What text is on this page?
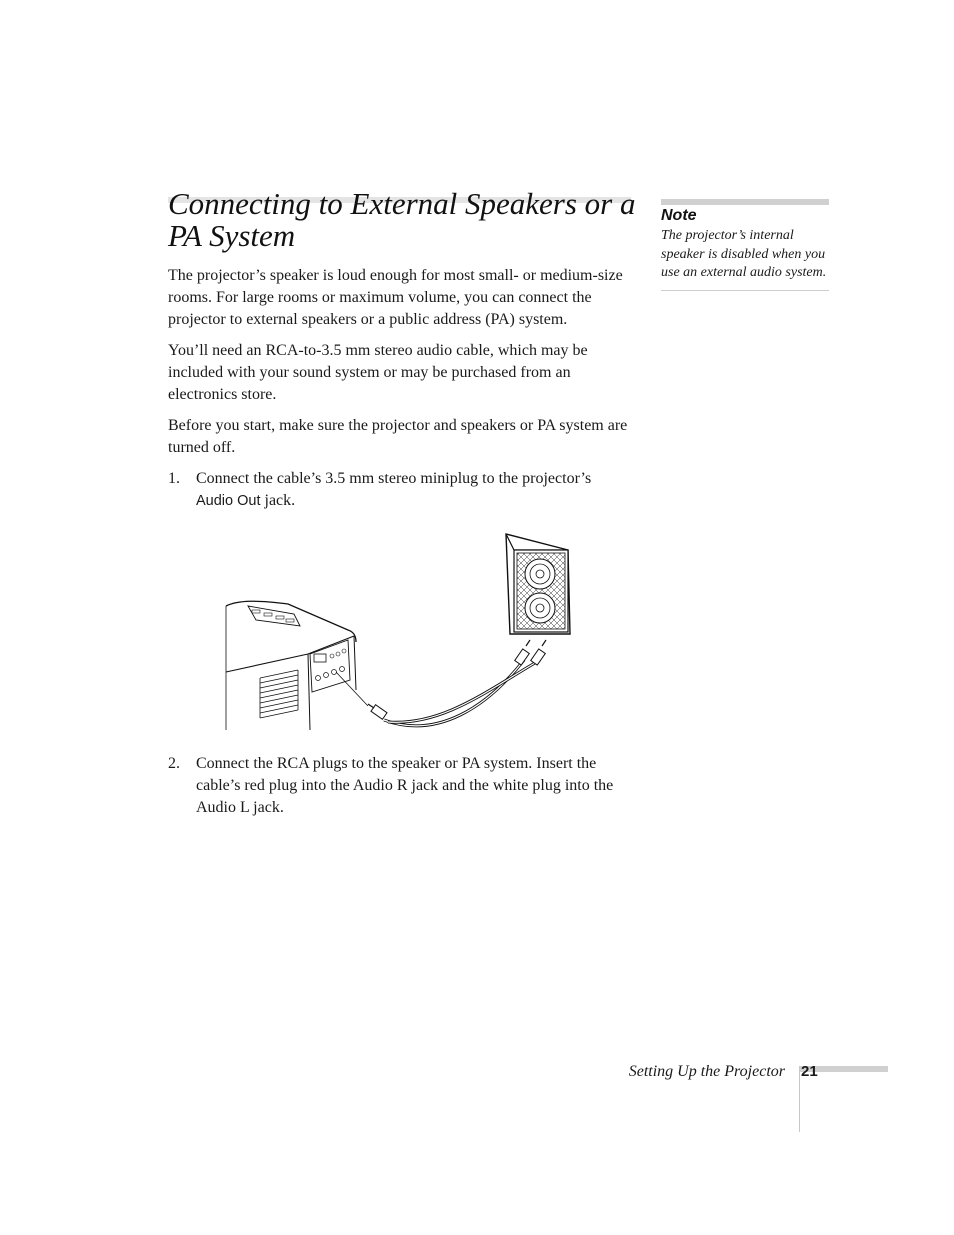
Connecting to External Speakers or a PA System

The projector’s speaker is loud enough for most small- or medium-size rooms. For large rooms or maximum volume, you can connect the projector to external speakers or a public address (PA) system.

You’ll need an RCA-to-3.5 mm stereo audio cable, which may be included with your sound system or may be purchased from an electronics store.

Before you start, make sure the projector and speakers or PA system are turned off.

1. Connect the cable’s 3.5 mm stereo miniplug to the projector’s
Audio Out jack.
2. Connect the RCA plugs to the speaker or PA system. Insert the cable’s red plug into the Audio R jack and the white plug into the Audio L jack.
Note
The projector’s internal speaker is disabled when you use an external audio system.
Setting Up the Projector 21
